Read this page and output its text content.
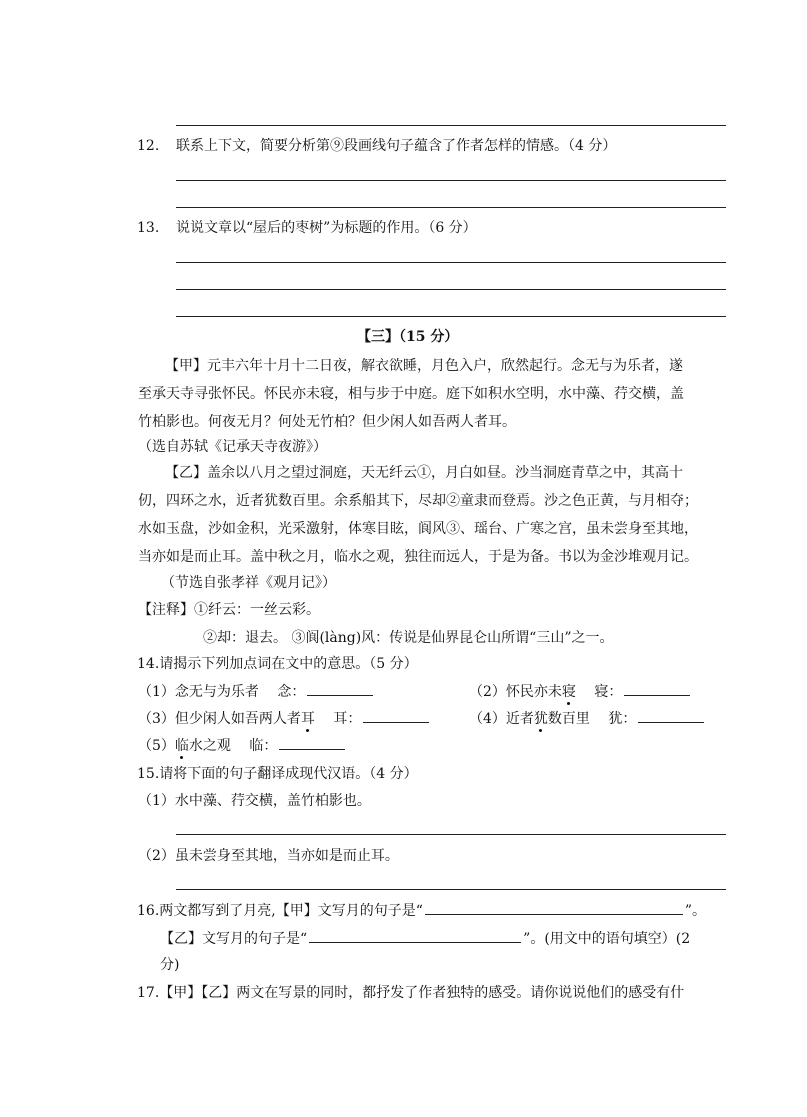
12. 联系上下文，简要分析第⑨段画线句子蕴含了作者怎样的情感。（4 分）
13. 说说文章以“屋后的枣树”为标题的作用。（6 分）
【三】（15 分）
【甲】元丰六年十月十二日夜，解衣欲睡，月色入户，欣然起行。念无与为乐者，遂
至承天寺寻张怀民。怀民亦未寝，相与步于中庭。庭下如积水空明，水中藻、荇交横，盖
竹柏影也。何夜无月？何处无竹柏？但少闲人如吾两人者耳。
（选自苏轼《记承天寺夜游》）
【乙】盖余以八月之望过洞庭，天无纤云①，月白如昼。沙当洞庭青草之中，其高十
仞，四环之水，近者犹数百里。余系船其下，尽却②童隶而登焉。沙之色正黄，与月相夺；
水如玉盘，沙如金积，光采激射，体寒目眩，阆风③、瑶台、广寒之宫，虽未尝身至其地，
当亦如是而止耳。盖中秋之月，临水之观，独往而远人，于是为备。书以为金沙堆观月记。
（节选自张孝祥《观月记》）
【注释】①纤云：一丝云彩。
②却：退去。 ③阆(làng)风：传说是仙界昆仑山所谓“三山”之一。
14.请揭示下列加点词在文中的意思。（5 分）
（1）念无与为乐者 念：	（2）怀民亦未寝 寝：
（3）但少闲人如吾两人者耳 耳：	（4）近者犹数百里 犹：
（5）临水之观 临：
15.请将下面的句子翻译成现代汉语。（4 分）
（1）水中藻、荇交横，盖竹柏影也。
（2）虽未尝身至其地，当亦如是而止耳。
16.两文都写到了月亮,【甲】文写月的句子是“	”。
【乙】文写月的句子是“	”。(用文中的语句填空）(2
分)
17.【甲】【乙】两文在写景的同时，都抒发了作者独特的感受。请你说说他们的感受有什
